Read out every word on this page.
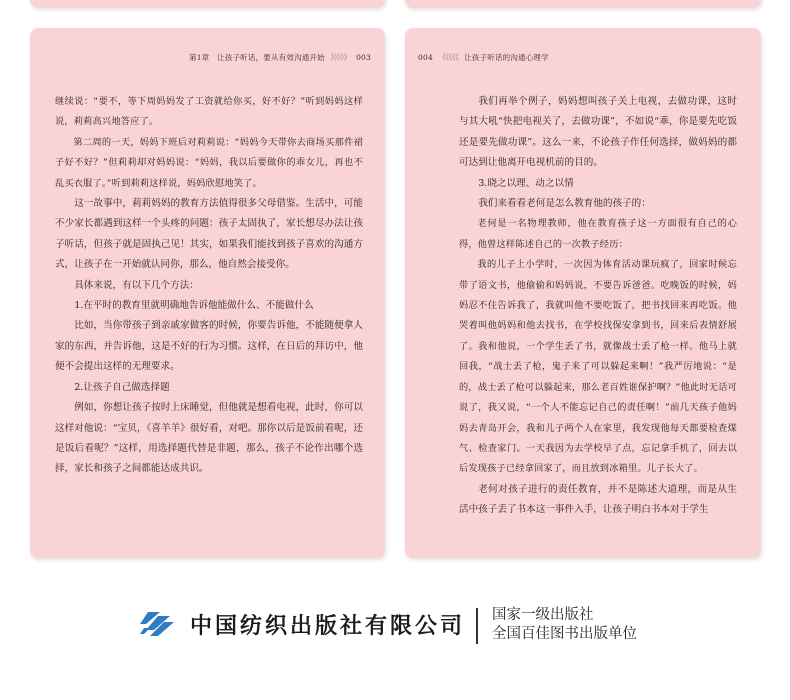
第1章　让孩子听话，要从有效沟通开始 》》》》》 003

继续说：“要不，等下周妈妈发了工资就给你买，好不好？”听到妈妈这样说，莉莉高兴地答应了。

第二周的一天，妈妈下班后对莉莉说：“妈妈今天带你去商场买那件裙子好不好？”但莉莉却对妈妈说：“妈妈，我以后要做你的乖女儿，再也不乱买衣服了。”听到莉莉这样说，妈妈欣慰地笑了。

这一故事中，莉莉妈妈的教育方法值得很多父母借鉴。生活中，可能不少家长都遇到这样一个头疼的问题：孩子太固执了，家长想尽办法让孩子听话，但孩子就是固执己见！其实，如果我们能找到孩子喜欢的沟通方式，让孩子在一开始就认同你，那么，他自然会接受你。

具体来说，有以下几个方法：

1.在平时的教育里就明确地告诉他能做什么、不能做什么

比如，当你带孩子到亲戚家做客的时候，你要告诉他，不能随便拿人家的东西，并告诉他，这是不好的行为习惯。这样，在日后的拜访中，他便不会提出这样的无理要求。

2.让孩子自己做选择题

例如，你想让孩子按时上床睡觉，但他就是想看电视，此时，你可以这样对他说：“宝贝，《喜羊羊》很好看，对吧。那你以后是饭前看呢，还是饭后看呢？”这样，用选择题代替是非题，那么，孩子不论作出哪个选择，家长和孩子之间都能达成共识。

004 《《《《《 让孩子听话的沟通心理学

我们再举个例子，妈妈想叫孩子关上电视，去做功课，这时与其大吼“快把电视关了，去做功课”，不如说“乖，你是要先吃饭还是要先做功课”。这么一来，不论孩子作任何选择，做妈妈的都可达到让他离开电视机前的目的。

3.晓之以理、动之以情

我们来看看老何是怎么教育他的孩子的：

老何是一名物理教师，他在教育孩子这一方面很有自己的心得，他曾这样陈述自己的一次教子经历：

我的儿子上小学时，一次因为体育活动课玩疯了，回家时候忘带了语文书，他偷偷和妈妈说，不要告诉爸爸。吃晚饭的时候，妈妈忍不住告诉我了，我就叫他不要吃饭了，把书找回来再吃饭。他哭着叫他妈妈和他去找书，在学校找保安拿到书，回来后表情舒展了。我和他说，一个学生丢了书，就像战士丢了枪一样。他马上就回我，“战士丢了枪，鬼子来了可以躲起来啊！”我严厉地说：“是的，战士丢了枪可以躲起来，那么老百姓谁保护啊？”他此时无话可说了，我又说，“一个人不能忘记自己的责任啊！”前几天孩子他妈妈去青岛开会，我和儿子两个人在家里，我发现他每天都要检查煤气、检查家门。一天我因为去学校早了点，忘记拿手机了，回去以后发现孩子已经拿回家了，而且放到冰箱里。儿子长大了。

老何对孩子进行的责任教育，并不是陈述大道理，而是从生活中孩子丢了书本这一事件入手，让孩子明白书本对于学生

中国纺织出版社有限公司 国家一级出版社
全国百佳图书出版单位
